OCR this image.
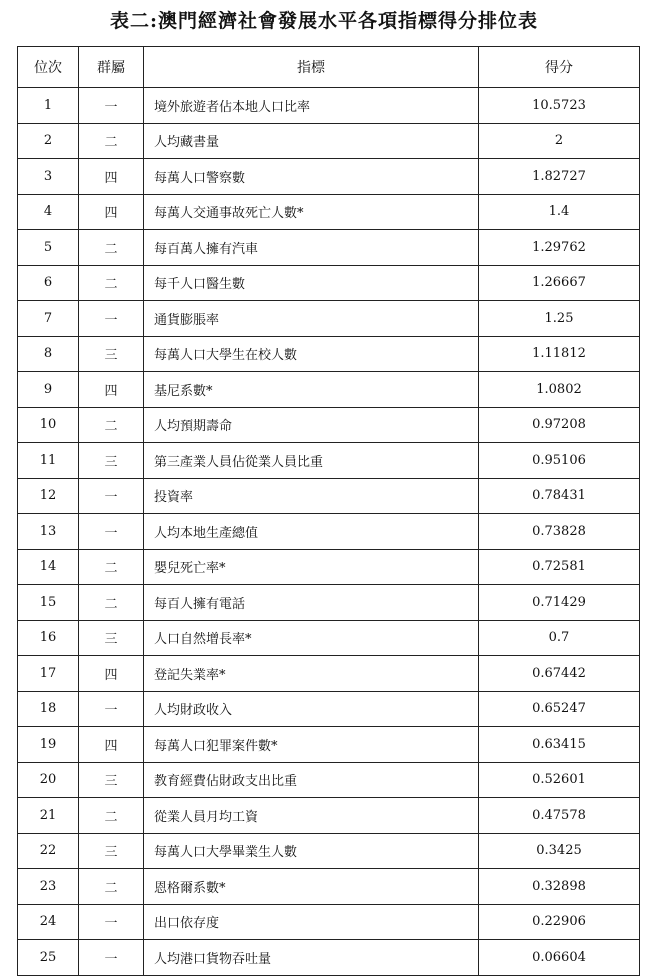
表二:澳門經濟社會發展水平各項指標得分排位表
位次	群屬	指標	得分
1	一	境外旅遊者佔本地人口比率	10.5723
2	二	人均藏書量	2
3	四	每萬人口警察數	1.82727
4	四	每萬人交通事故死亡人數*	1.4
5	二	每百萬人擁有汽車	1.29762
6	二	每千人口醫生數	1.26667
7	一	通貨膨脹率	1.25
8	三	每萬人口大學生在校人數	1.11812
9	四	基尼系數*	1.0802
10	二	人均預期壽命	0.97208
11	三	第三產業人員佔從業人員比重	0.95106
12	一	投資率	0.78431
13	一	人均本地生產總值	0.73828
14	二	嬰兒死亡率*	0.72581
15	二	每百人擁有電話	0.71429
16	三	人口自然增長率*	0.7
17	四	登記失業率*	0.67442
18	一	人均財政收入	0.65247
19	四	每萬人口犯罪案件數*	0.63415
20	三	教育經費佔財政支出比重	0.52601
21	二	從業人員月均工資	0.47578
22	三	每萬人口大學畢業生人數	0.3425
23	二	恩格爾系數*	0.32898
24	一	出口依存度	0.22906
25	一	人均港口貨物吞吐量	0.06604
